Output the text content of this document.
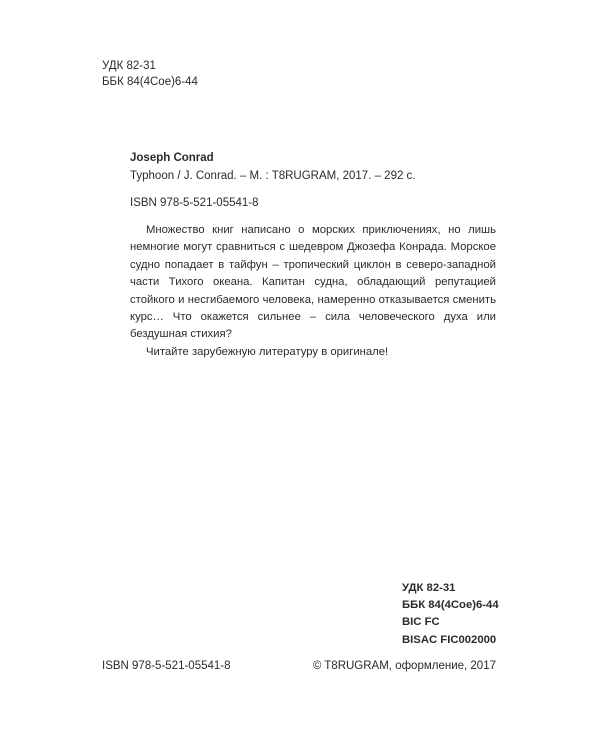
УДК 82-31
ББК 84(4Сое)6-44
Joseph Conrad
Typhoon / J. Conrad. – M. : T8RUGRAM, 2017. – 292 с.
ISBN 978-5-521-05541-8

Множество книг написано о морских приключениях, но лишь немногие могут сравниться с шедевром Джозефа Конрада. Морское судно попадает в тайфун – тропический циклон в северо-западной части Тихого океана. Капитан судна, обладающий репутацией стойкого и несгибаемого человека, намеренно отказывается сменить курс… Что окажется сильнее – сила человеческого духа или бездушная стихия?

Читайте зарубежную литературу в оригинале!

УДК 82-31
ББК 84(4Сое)6-44
BIC FC
BISAC FIC002000
ISBN 978-5-521-05541-8	© T8RUGRAM, оформление, 2017
